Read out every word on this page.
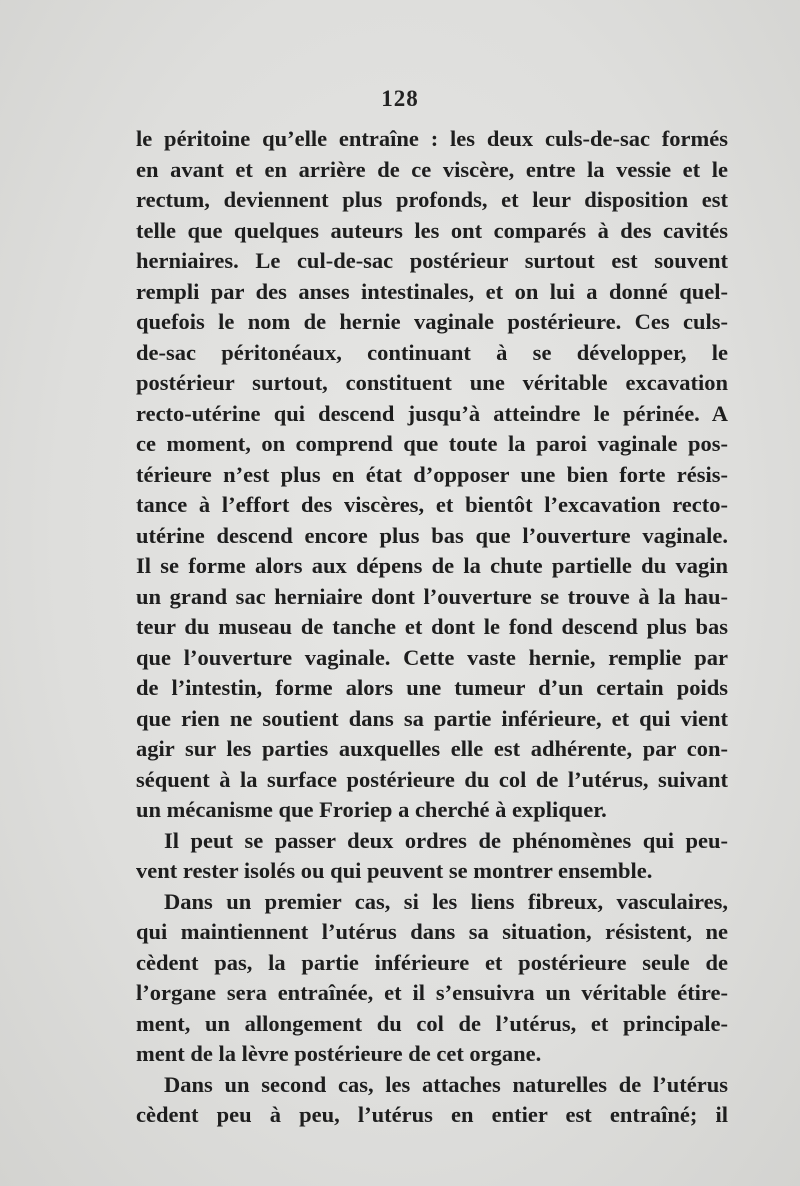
128
le péritoine qu’elle entraîne : les deux culs-de-sac formés
en avant et en arrière de ce viscère, entre la vessie et le
rectum, deviennent plus profonds, et leur disposition est
telle que quelques auteurs les ont comparés à des cavités
herniaires. Le cul-de-sac postérieur surtout est souvent
rempli par des anses intestinales, et on lui a donné quel-
quefois le nom de hernie vaginale postérieure. Ces culs-
de-sac péritonéaux, continuant à se développer, le
postérieur surtout, constituent une véritable excavation
recto-utérine qui descend jusqu’à atteindre le périnée. A
ce moment, on comprend que toute la paroi vaginale pos-
térieure n’est plus en état d’opposer une bien forte résis-
tance à l’effort des viscères, et bientôt l’excavation recto-
utérine descend encore plus bas que l’ouverture vaginale.
Il se forme alors aux dépens de la chute partielle du vagin
un grand sac herniaire dont l’ouverture se trouve à la hau-
teur du museau de tanche et dont le fond descend plus bas
que l’ouverture vaginale. Cette vaste hernie, remplie par
de l’intestin, forme alors une tumeur d’un certain poids
que rien ne soutient dans sa partie inférieure, et qui vient
agir sur les parties auxquelles elle est adhérente, par con-
séquent à la surface postérieure du col de l’utérus, suivant
un mécanisme que Froriep a cherché à expliquer.
Il peut se passer deux ordres de phénomènes qui peu-
vent rester isolés ou qui peuvent se montrer ensemble.
Dans un premier cas, si les liens fibreux, vasculaires,
qui maintiennent l’utérus dans sa situation, résistent, ne
cèdent pas, la partie inférieure et postérieure seule de
l’organe sera entraînée, et il s’ensuivra un véritable étire-
ment, un allongement du col de l’utérus, et principale-
ment de la lèvre postérieure de cet organe.
Dans un second cas, les attaches naturelles de l’utérus
cèdent peu à peu, l’utérus en entier est entraîné; il
